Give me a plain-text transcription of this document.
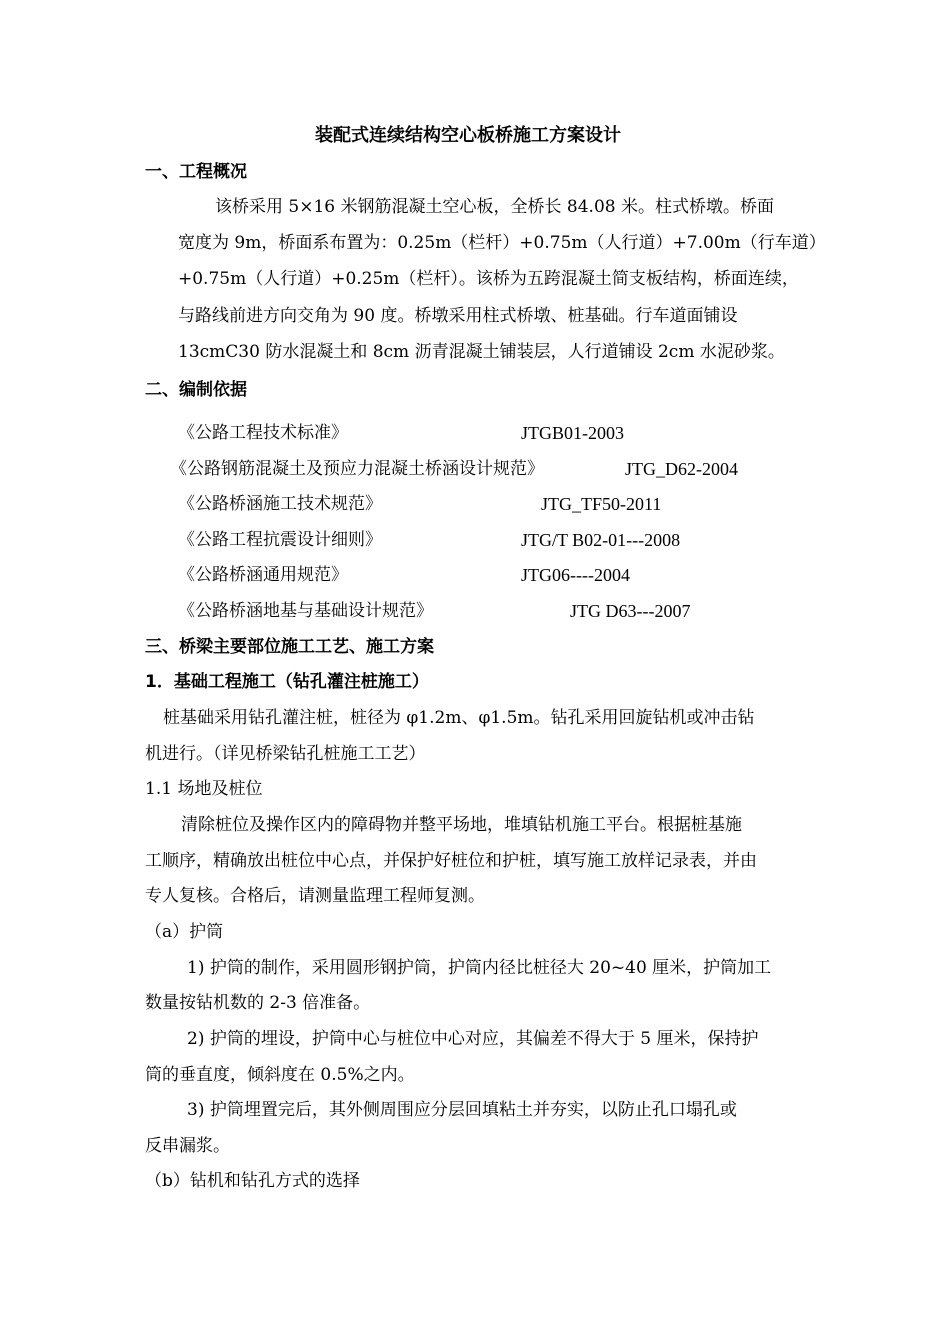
装配式连续结构空心板桥施工方案设计
一、工程概况
该桥采用 5×16 米钢筋混凝土空心板，全桥长 84.08 米。柱式桥墩。桥面
宽度为 9m，桥面系布置为：0.25m（栏杆）+0.75m（人行道）+7.00m（行车道）
+0.75m（人行道）+0.25m（栏杆）。该桥为五跨混凝土简支板结构，桥面连续，
与路线前进方向交角为 90 度。桥墩采用柱式桥墩、桩基础。行车道面铺设
13cmC30 防水混凝土和 8cm 沥青混凝土铺装层，人行道铺设 2cm 水泥砂浆。
二、编制依据
《公路工程技术标准》	JTGB01-2003
《公路钢筋混凝土及预应力混凝土桥涵设计规范》	JTG_D62-2004
《公路桥涵施工技术规范》	JTG_TF50-2011
《公路工程抗震设计细则》	JTG/T B02-01---2008
《公路桥涵通用规范》	JTG06----2004
《公路桥涵地基与基础设计规范》	JTG D63---2007
三、桥梁主要部位施工工艺、施工方案
1．基础工程施工（钻孔灌注桩施工）
桩基础采用钻孔灌注桩，桩径为 φ1.2m、φ1.5m。钻孔采用回旋钻机或冲击钻
机进行。（详见桥梁钻孔桩施工工艺）
1.1 场地及桩位
清除桩位及操作区内的障碍物并整平场地，堆填钻机施工平台。根据桩基施
工顺序，精确放出桩位中心点，并保护好桩位和护桩，填写施工放样记录表，并由
专人复核。合格后，请测量监理工程师复测。
（a）护筒
1) 护筒的制作，采用圆形钢护筒，护筒内径比桩径大 20~40 厘米，护筒加工
数量按钻机数的 2-3 倍准备。
2) 护筒的埋设，护筒中心与桩位中心对应，其偏差不得大于 5 厘米，保持护
筒的垂直度，倾斜度在 0.5%之内。
3) 护筒埋置完后，其外侧周围应分层回填粘土并夯实，以防止孔口塌孔或
反串漏浆。
（b）钻机和钻孔方式的选择
